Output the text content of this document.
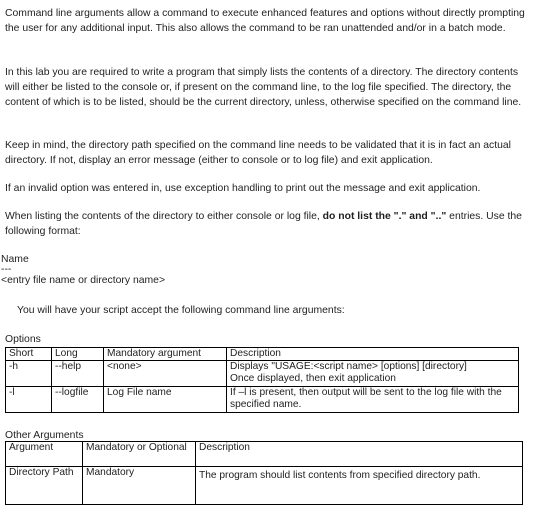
Command line arguments allow a command to execute enhanced features and options without directly prompting the user for any additional input. This also allows the command to be ran unattended and/or in a batch mode.

In this lab you are required to write a program that simply lists the contents of a directory. The directory contents will either be listed to the console or, if present on the command line, to the log file specified. The directory, the content of which is to be listed, should be the current directory, unless, otherwise specified on the command line.

Keep in mind, the directory path specified on the command line needs to be validated that it is in fact an actual directory. If not, display an error message (either to console or to log file) and exit application.

If an invalid option was entered in, use exception handling to print out the message and exit application.

When listing the contents of the directory to either console or log file, do not list the "." and ".." entries. Use the following format:

Name
---
<entry file name or directory name>
You will have your script accept the following command line arguments:
Options
Short	Long	Mandatory argument	Description
-h	--help	<none>	Displays "USAGE:<script name> [options] [directory]
Once displayed, then exit application

-l	--logfile	Log File name	If –l is present, then output will be sent to the log file with the specified name.
Other Arguments
Argument	Mandatory or Optional	Description
Directory Path	Mandatory	The program should list contents from specified directory path.
